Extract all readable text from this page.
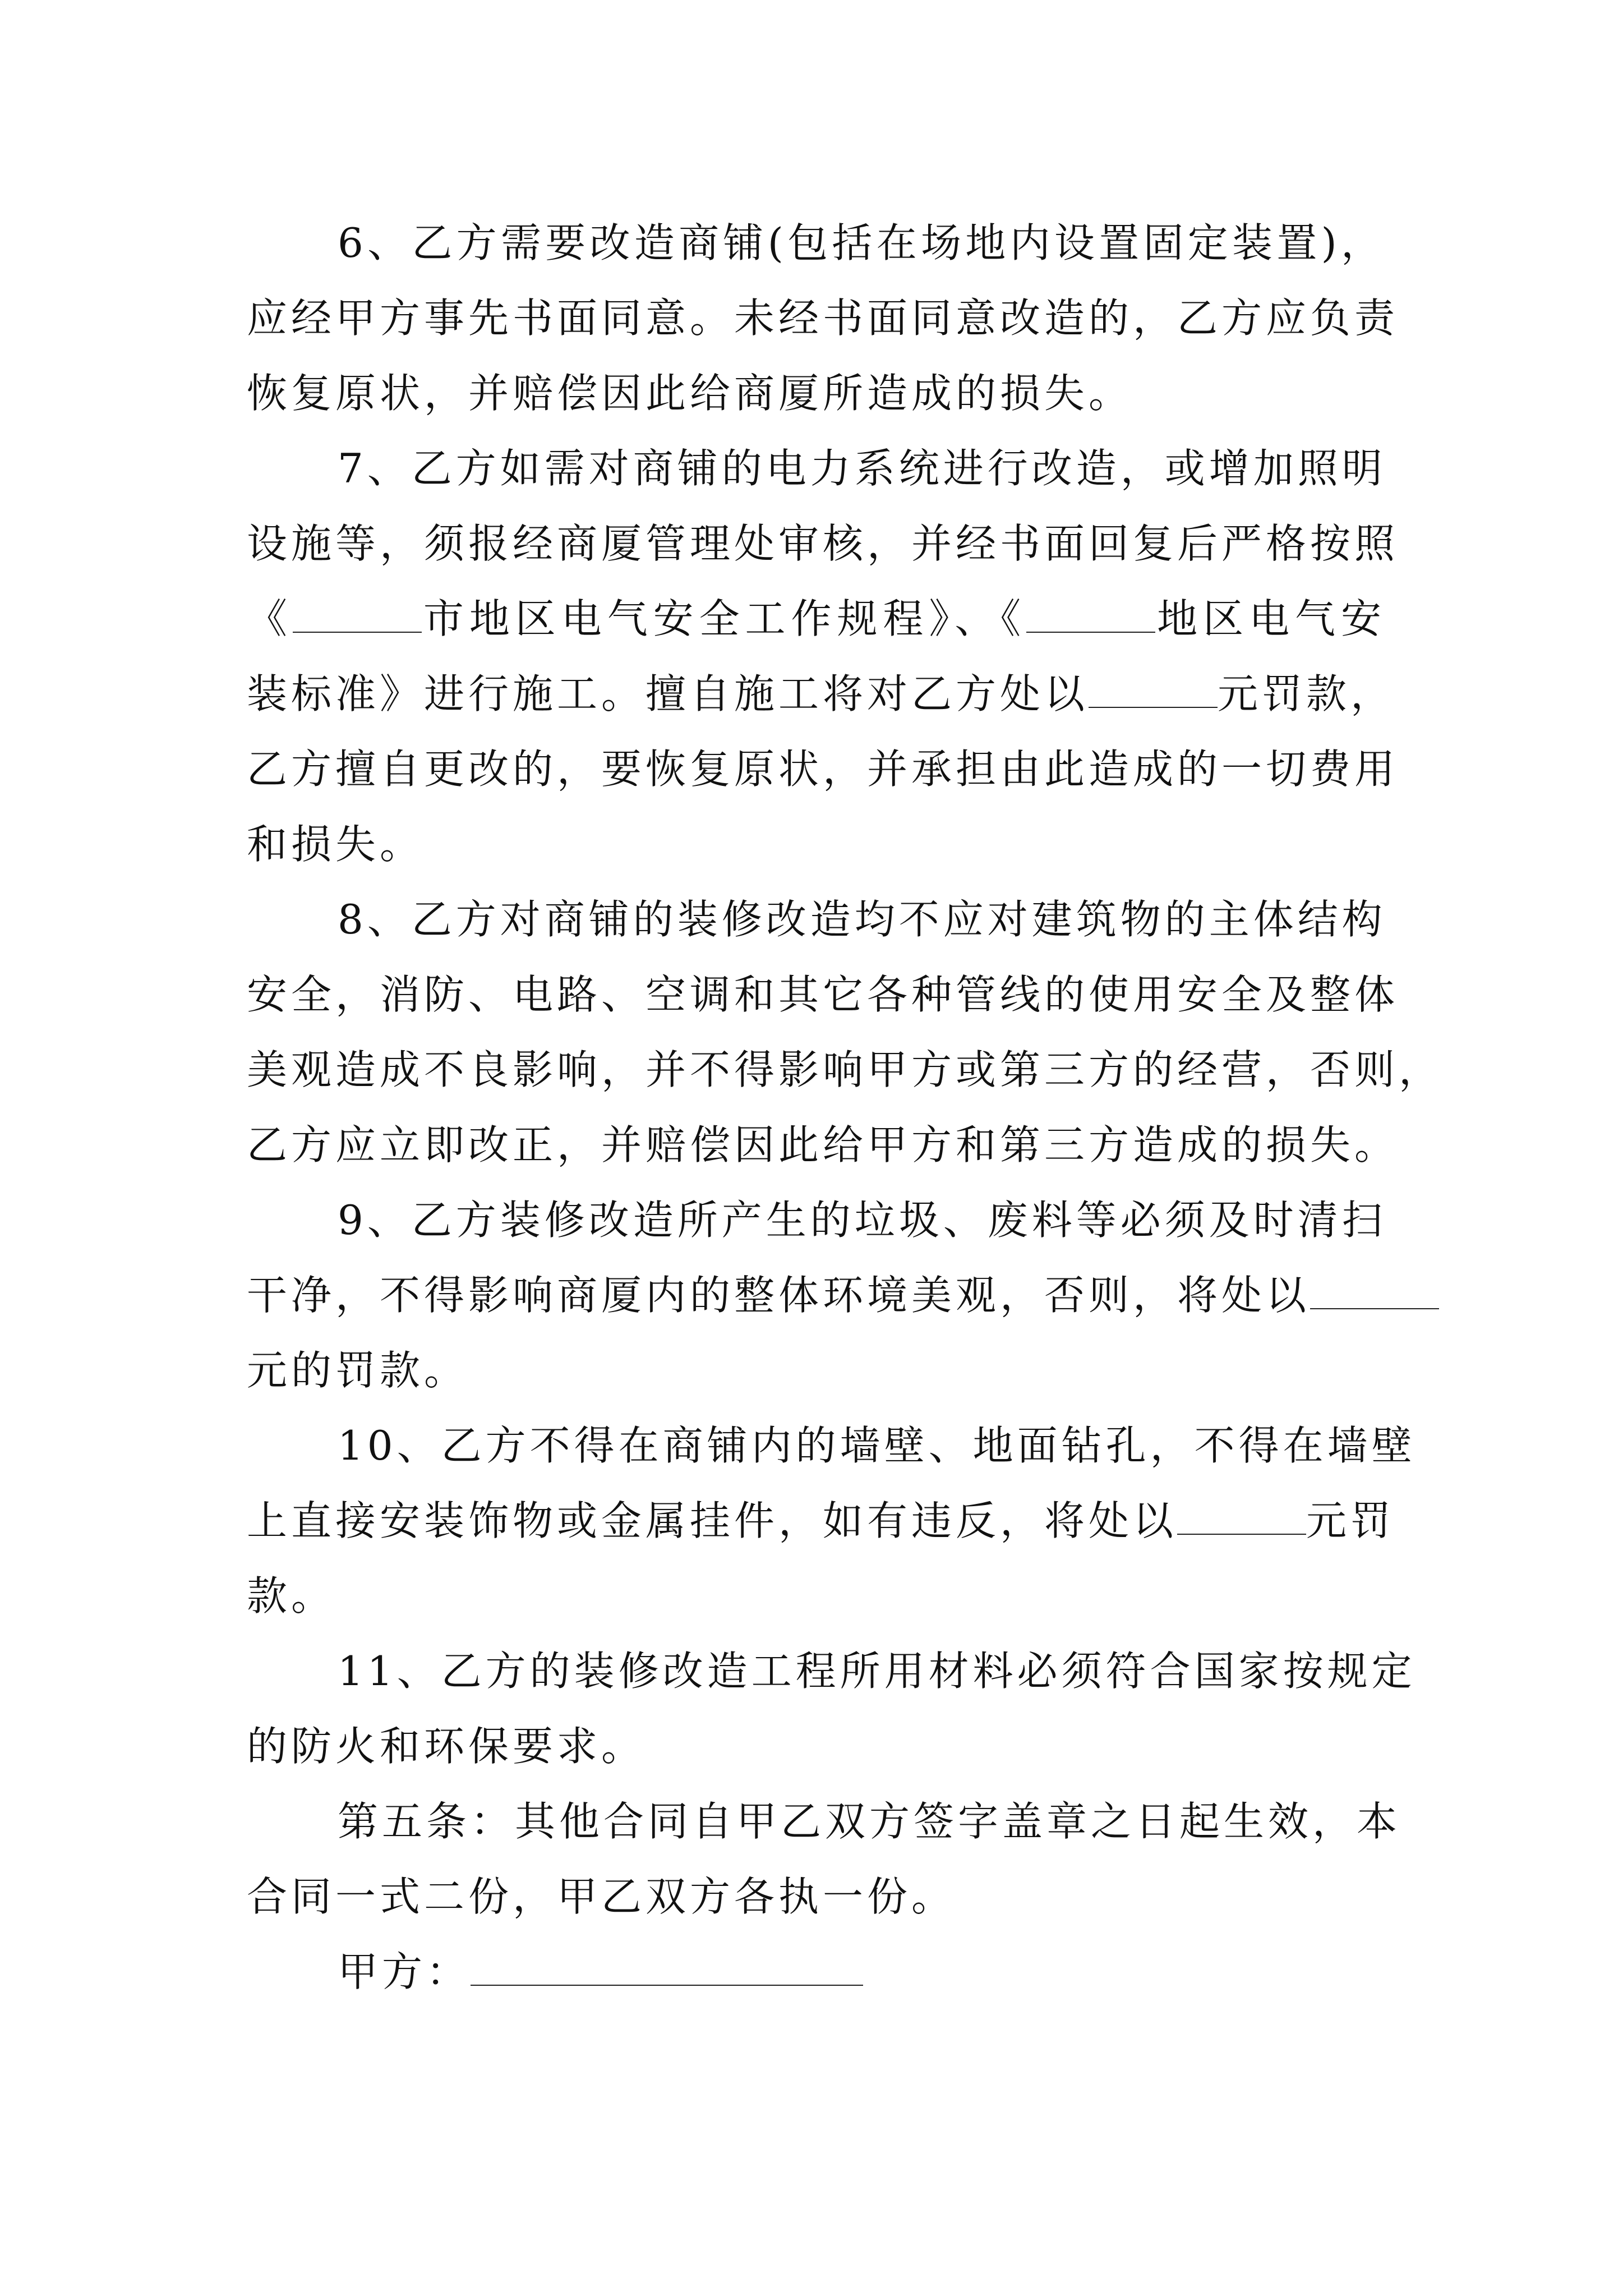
6、乙方需要改造商铺(包括在场地内设置固定装置)，
应经甲方事先书面同意。未经书面同意改造的，乙方应负责
恢复原状，并赔偿因此给商厦所造成的损失。
7、乙方如需对商铺的电力系统进行改造，或增加照明
设施等，须报经商厦管理处审核，并经书面回复后严格按照
《	市地区电气安全工作规程》、《	地区电气安
装标准》进行施工。擅自施工将对乙方处以	元罚款，
乙方擅自更改的，要恢复原状，并承担由此造成的一切费用
和损失。
8、乙方对商铺的装修改造均不应对建筑物的主体结构
安全，消防、电路、空调和其它各种管线的使用安全及整体
美观造成不良影响，并不得影响甲方或第三方的经营，否则，
乙方应立即改正，并赔偿因此给甲方和第三方造成的损失。
9、乙方装修改造所产生的垃圾、废料等必须及时清扫
干净，不得影响商厦内的整体环境美观，否则，将处以
元的罚款。
10、乙方不得在商铺内的墙壁、地面钻孔，不得在墙壁
上直接安装饰物或金属挂件，如有违反，将处以	元罚
款。
11、乙方的装修改造工程所用材料必须符合国家按规定
的防火和环保要求。
第五条：其他合同自甲乙双方签字盖章之日起生效，本
合同一式二份，甲乙双方各执一份。
甲方：
